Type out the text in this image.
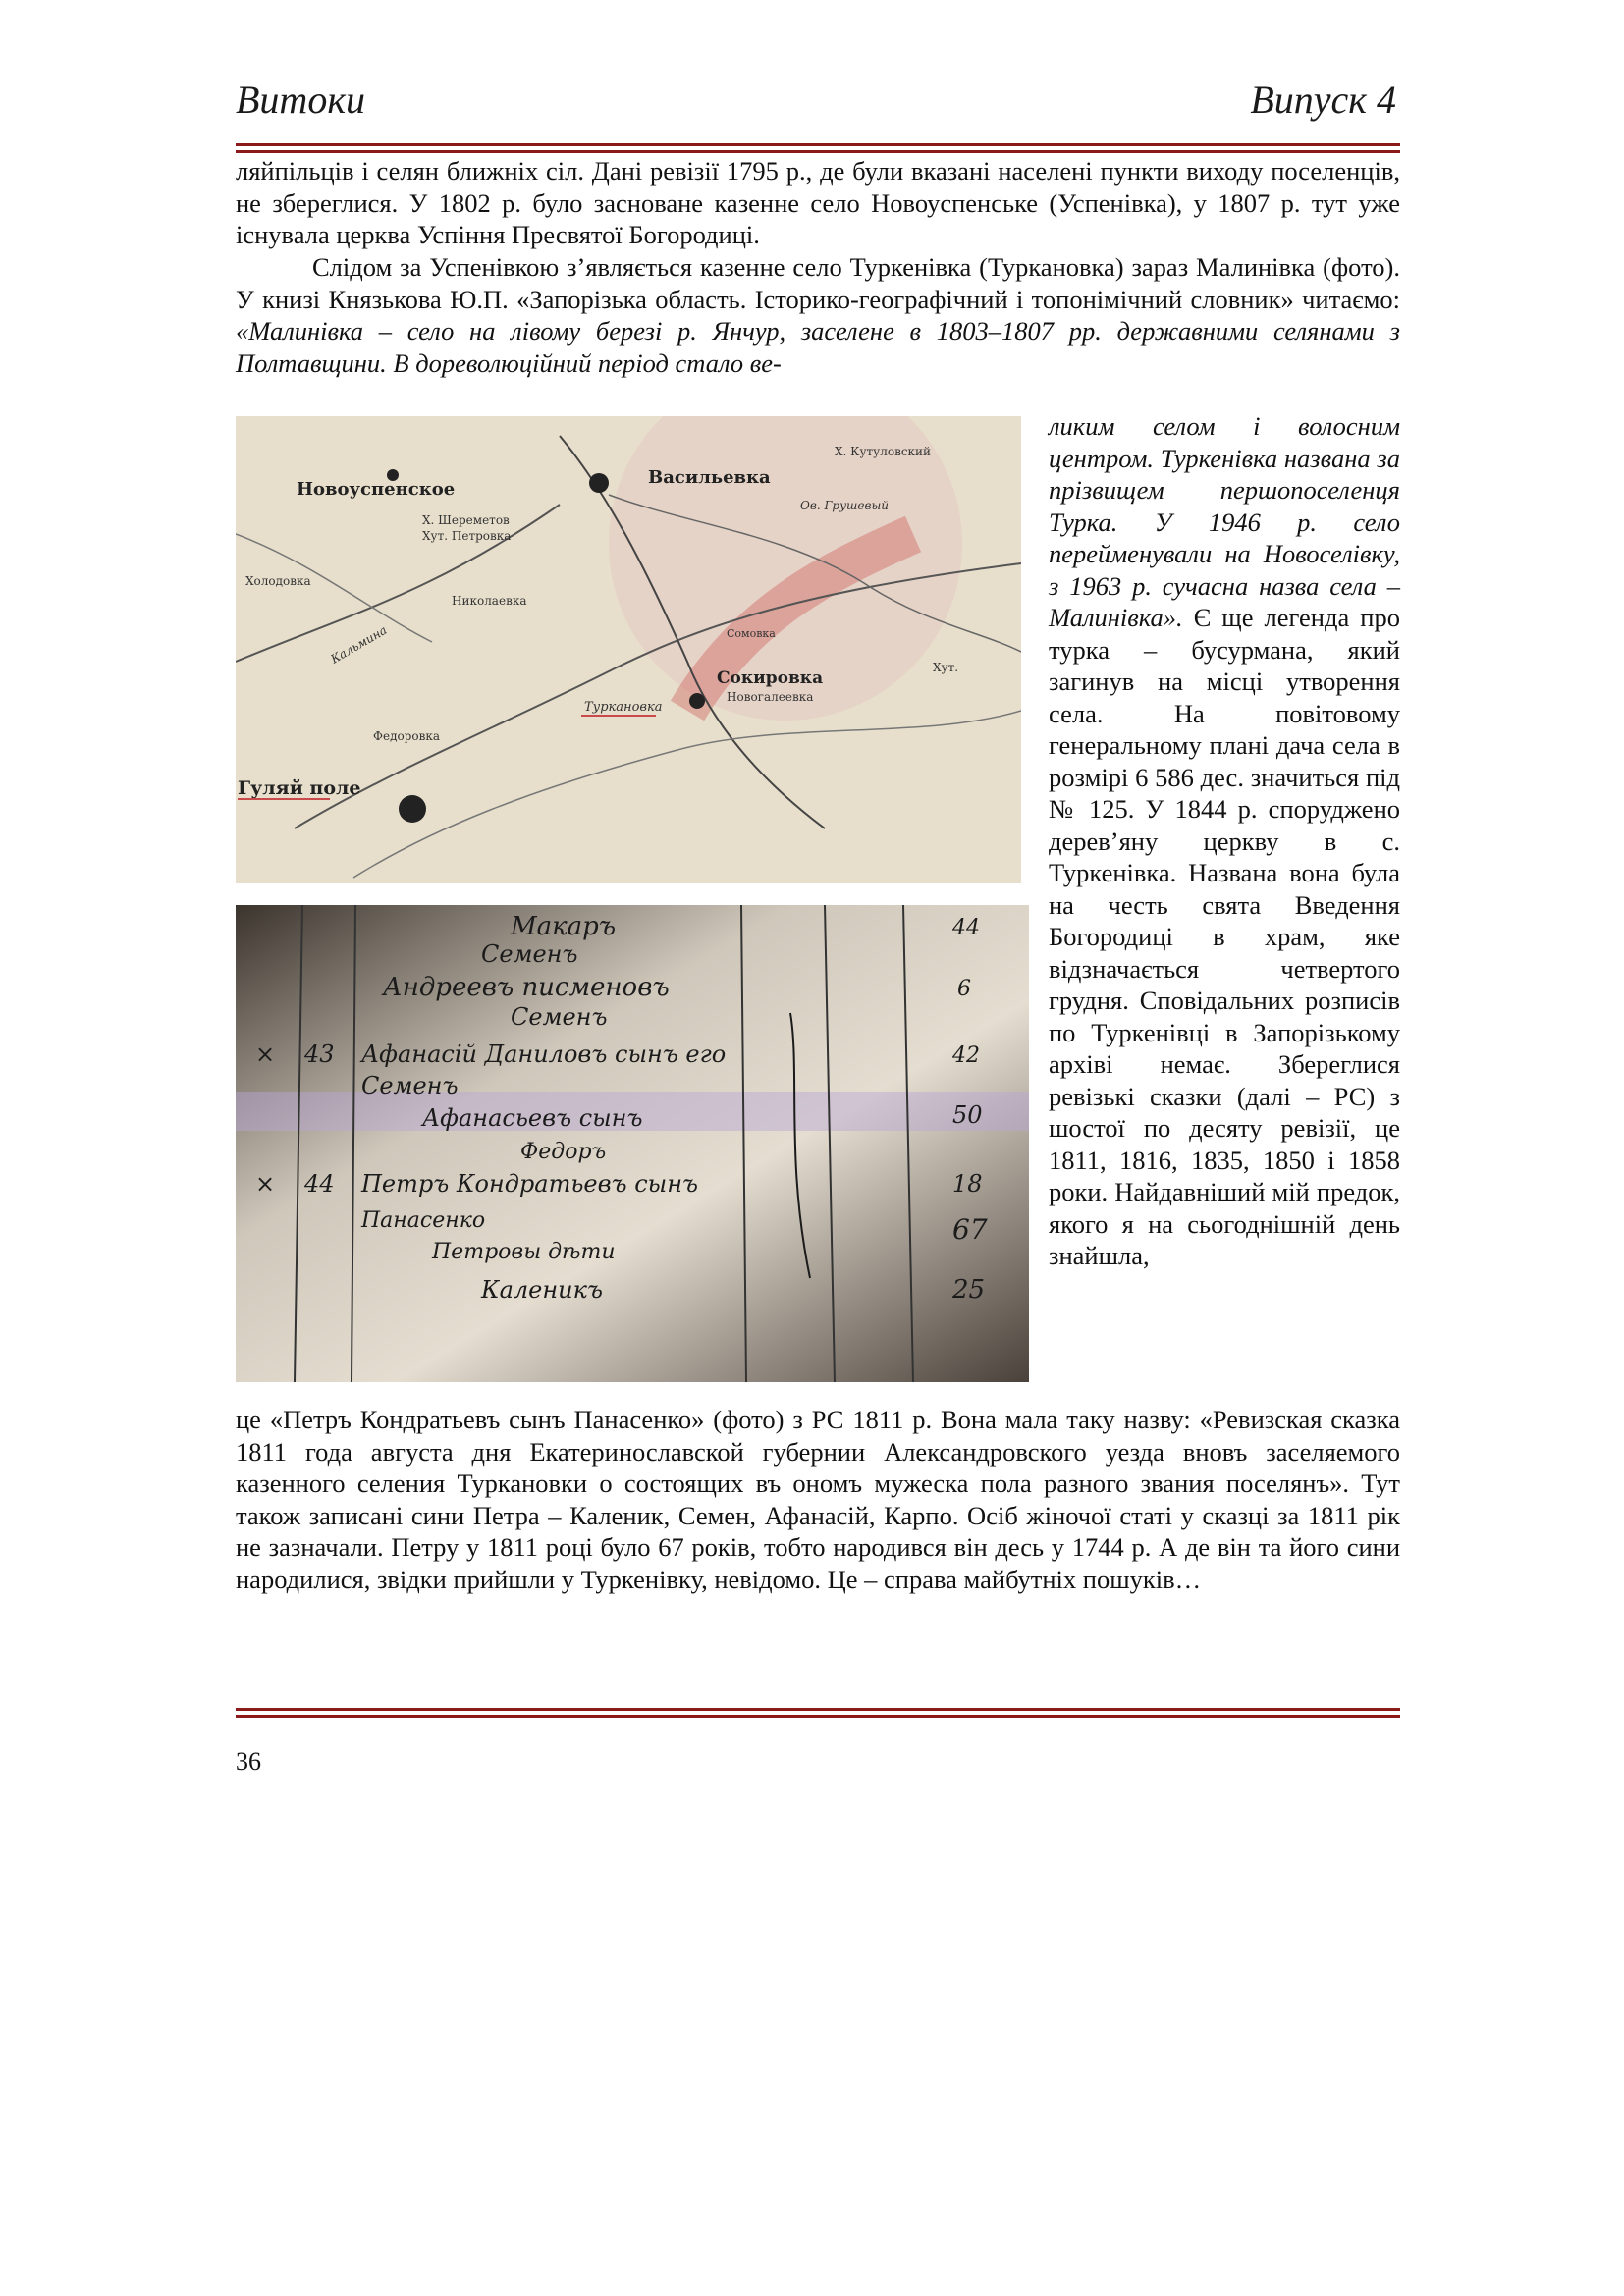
Витоки	Випуск 4

ляйпільців і селян ближніх сіл. Дані ревізії 1795 р., де були вказані населені пункти виходу поселенців, не збереглися. У 1802 р. було засноване казенне село Новоуспенське (Успенівка), у 1807 р. тут уже існувала церква Успіння Пресвятої Богородиці.

Слідом за Успенівкою з’являється казенне село Туркенівка (Туркановка) зараз Малинівка (фото). У книзі Князькова Ю.П. «Запорізька область. Історико-географічний і топонімічний словник» читаємо: «Малинівка – село на лівому березі р. Янчур, заселене в 1803–1807 рр. державними селянами з Полтавщини. В дореволюційний період стало ве-

Новоуспенское
Васильевка
Х. Шереметов
Хут. Петровка
Холодовка
Туркановка
Сокировка
Новогалеевка
Гуляй поле
Кальмина	Сомовка
Федоровка
Николаевка
Х. Кутуловский
Ов. Грушевый
Хут.
Макаръ
Семенъ
Андреевъ писменовъ
Семенъ
Афанасій Даниловъ сынъ его
Семенъ
Афанасьевъ сынъ
Федоръ
Петръ Кондратьевъ сынъ
Панасенко
Петровы дѣти
Каленикъ
43
44
×
×
44
6
42
50
18
67
25
ликим селом і волосним центром. Туркенівка названа за прізвищем першопоселенця Турка. У 1946 р. село перейменували на Новоселівку, з 1963 р. сучасна назва села – Малинівка». Є ще легенда про турка – бусурмана, який загинув на місці утворення села. На повітовому генеральному плані дача села в розмірі 6 586 дес. значиться під № 125. У 1844 р. споруджено дерев’яну церкву в с. Туркенівка. Названа вона була на честь свята Введення Богородиці в храм, яке відзначається четвертого грудня. Сповідальних розписів по Туркенівці в Запорізькому архіві немає. Збереглися ревізькі сказки (далі – РС) з шостої по десяту ревізії, це 1811, 1816, 1835, 1850 і 1858 роки. Найдавніший мій предок, якого я на сьогоднішній день знайшла,
це «Петръ Кондратьевъ сынъ Панасенко» (фото) з РС 1811 р. Вона мала таку назву: «Ревизская сказка 1811 года августа дня Екатеринославской губернии Александровского уезда вновъ заселяемого казенного селения Туркановки о состоящих въ ономъ мужеска пола разного звания поселянъ». Тут також записані сини Петра – Каленик, Семен, Афанасій, Карпо. Осіб жіночої статі у сказці за 1811 рік не зазначали. Петру у 1811 році було 67 років, тобто народився він десь у 1744 р. А де він та його сини народилися, звідки прийшли у Туркенівку, невідомо. Це – справа майбутніх пошуків…
36
